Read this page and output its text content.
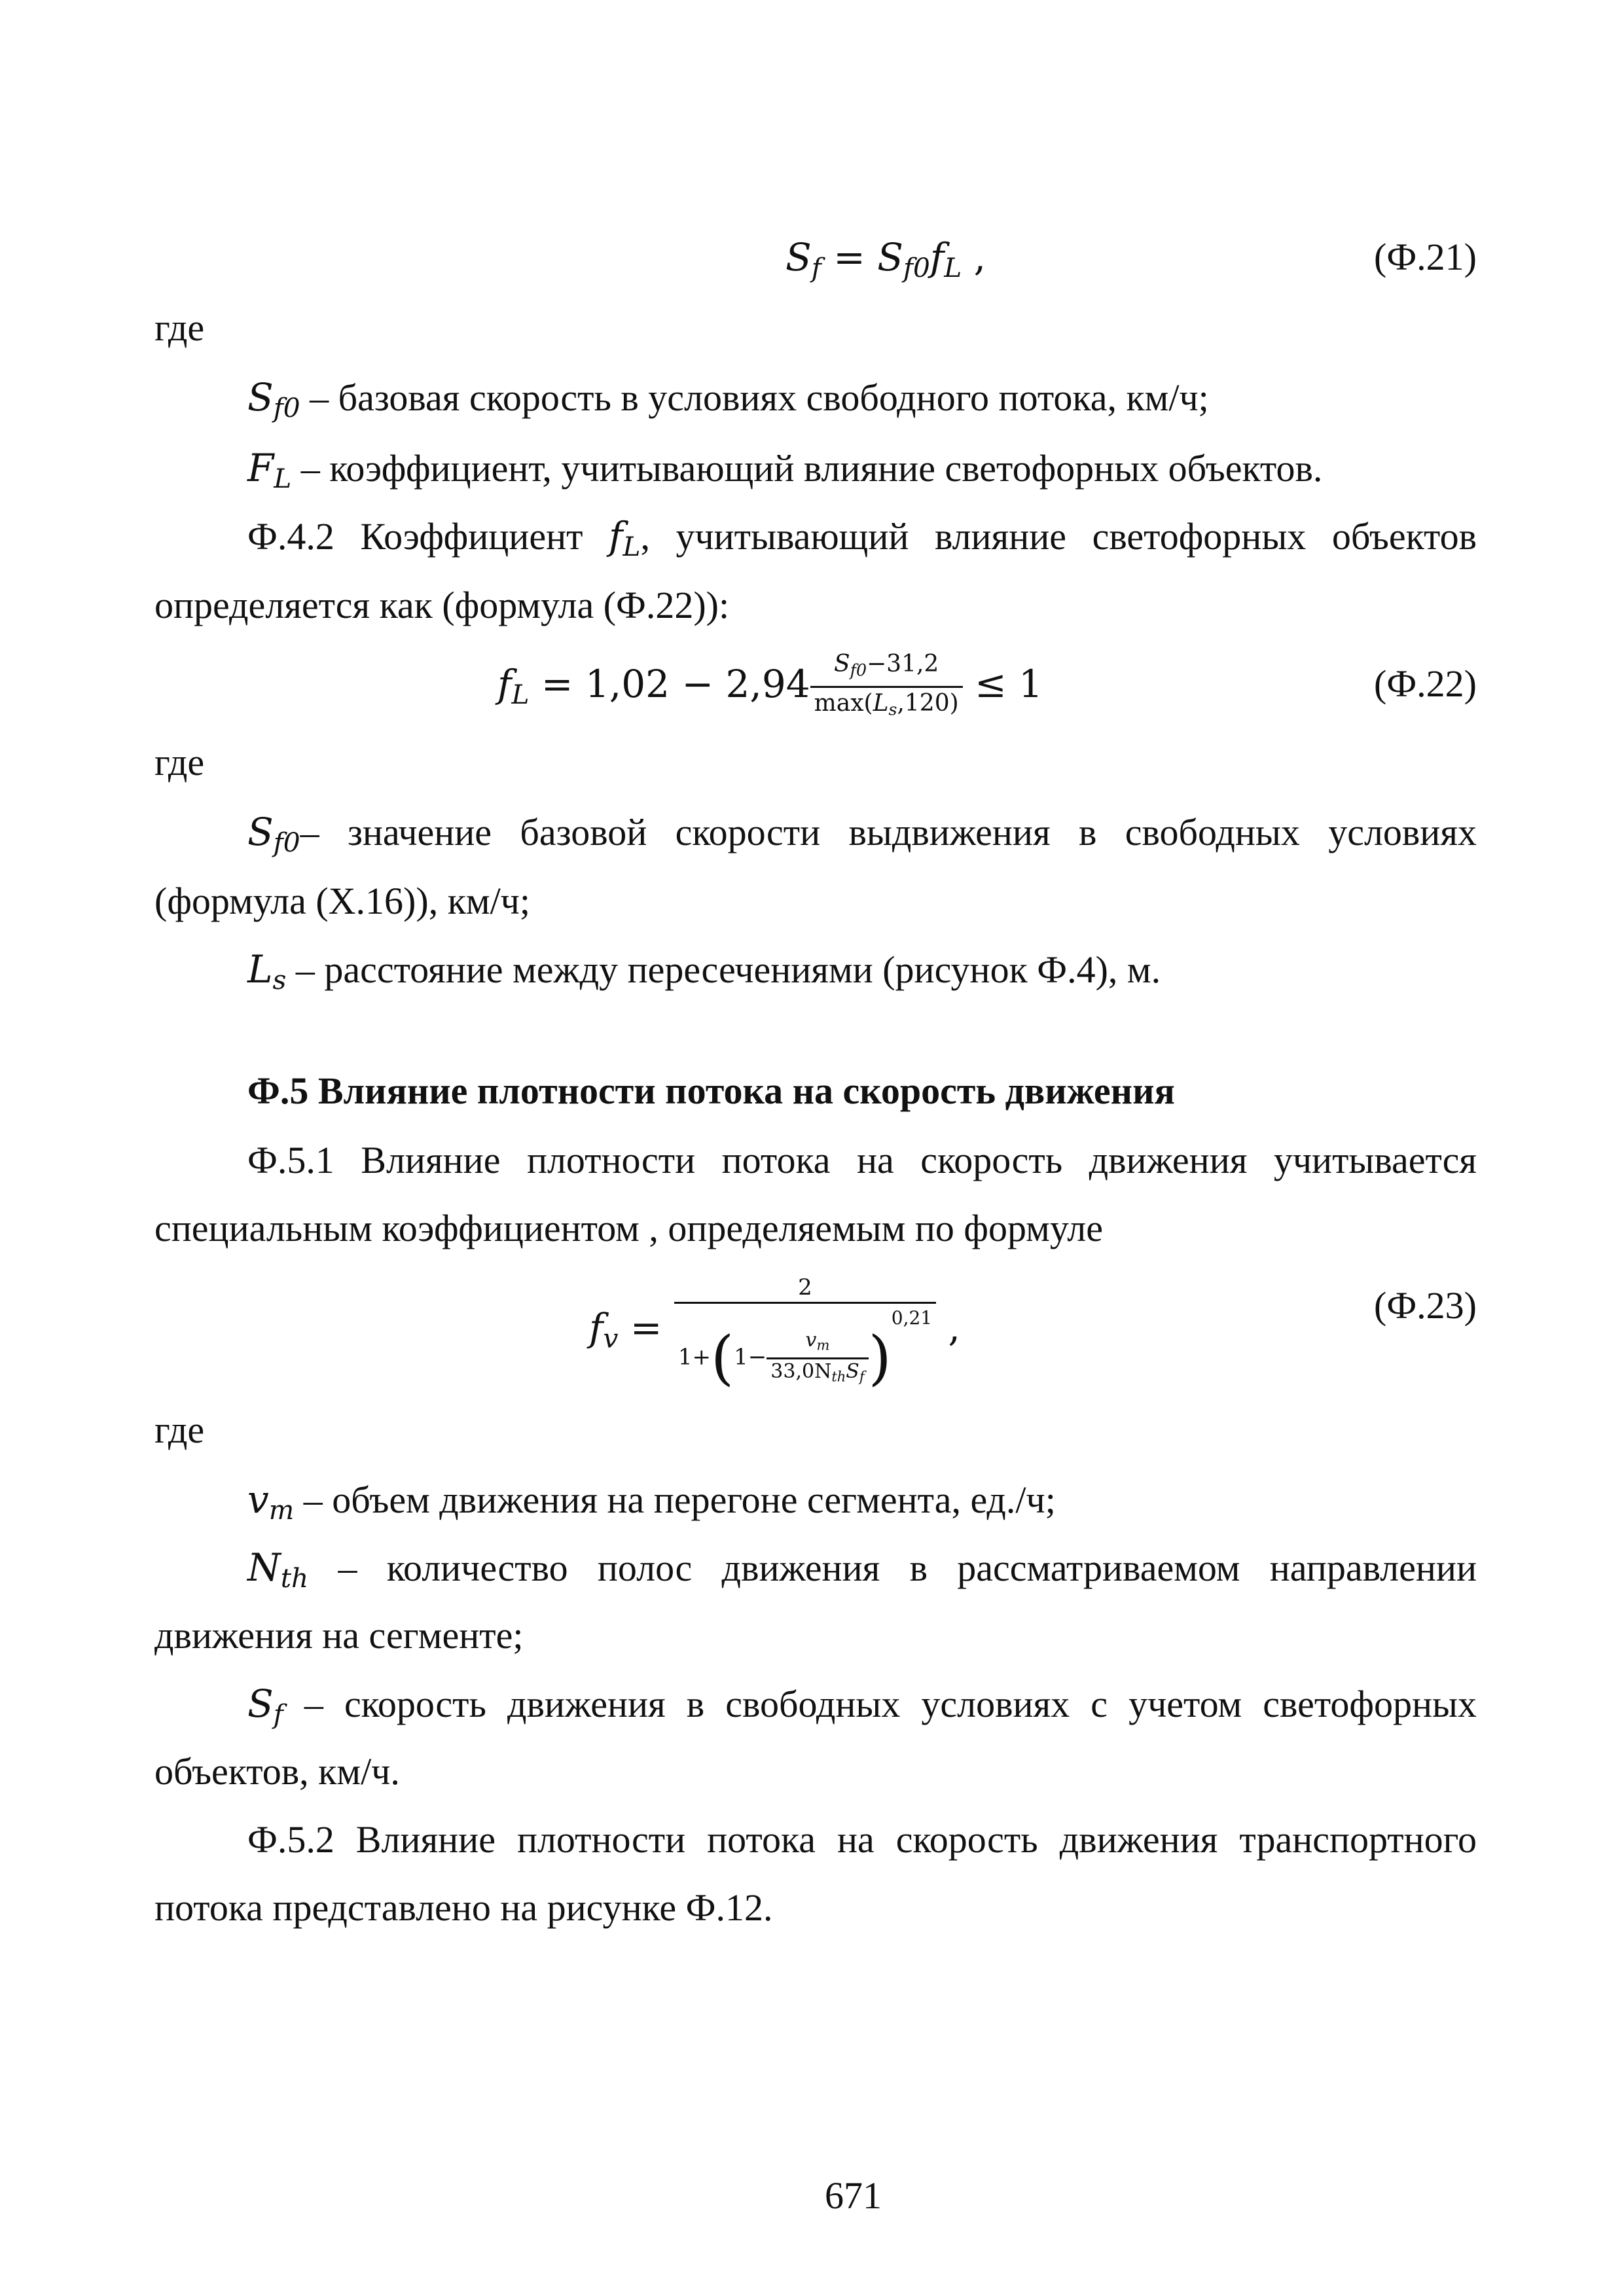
$S_f = S_{f0}f_L$ ,	(Ф.21)
где
$S_{f0}$ – базовая скорость в условиях свободного потока, км/ч;
$F_L$ – коэффициент, учитывающий влияние светофорных объектов.
Ф.4.2 Коэффициент $f_L$, учитывающий влияние светофорных объектов
определяется как (формула (Ф.22)):
$f_L = 1,02 - 2,94 \frac{S_{f0}-31,2}{\max(L_s,120)} \le 1$	(Ф.22)
где
$S_{f0}-$ значение базовой скорости выдвижения в свободных условиях
(формула (Х.16)), км/ч;
$L_s$ – расстояние между пересечениями (рисунок Ф.4), м.
Ф.5 Влияние плотности потока на скорость движения
Ф.5.1 Влияние плотности потока на скорость движения учитывается
специальным коэффициентом , определяемым по формуле
$f_v = \frac{2}{1+(1- \frac{v_m}{33,0N_{th}S_f} )^{0,21}}$ ,
(Ф.23)
где
$v_m$ – объем движения на перегоне сегмента, ед./ч;
$N_{th}$ – количество полос движения в рассматриваемом направлении
движения на сегменте;
$S_f$ – скорость движения в свободных условиях с учетом светофорных
объектов, км/ч.
Ф.5.2 Влияние плотности потока на скорость движения транспортного
потока представлено на рисунке Ф.12.
671
